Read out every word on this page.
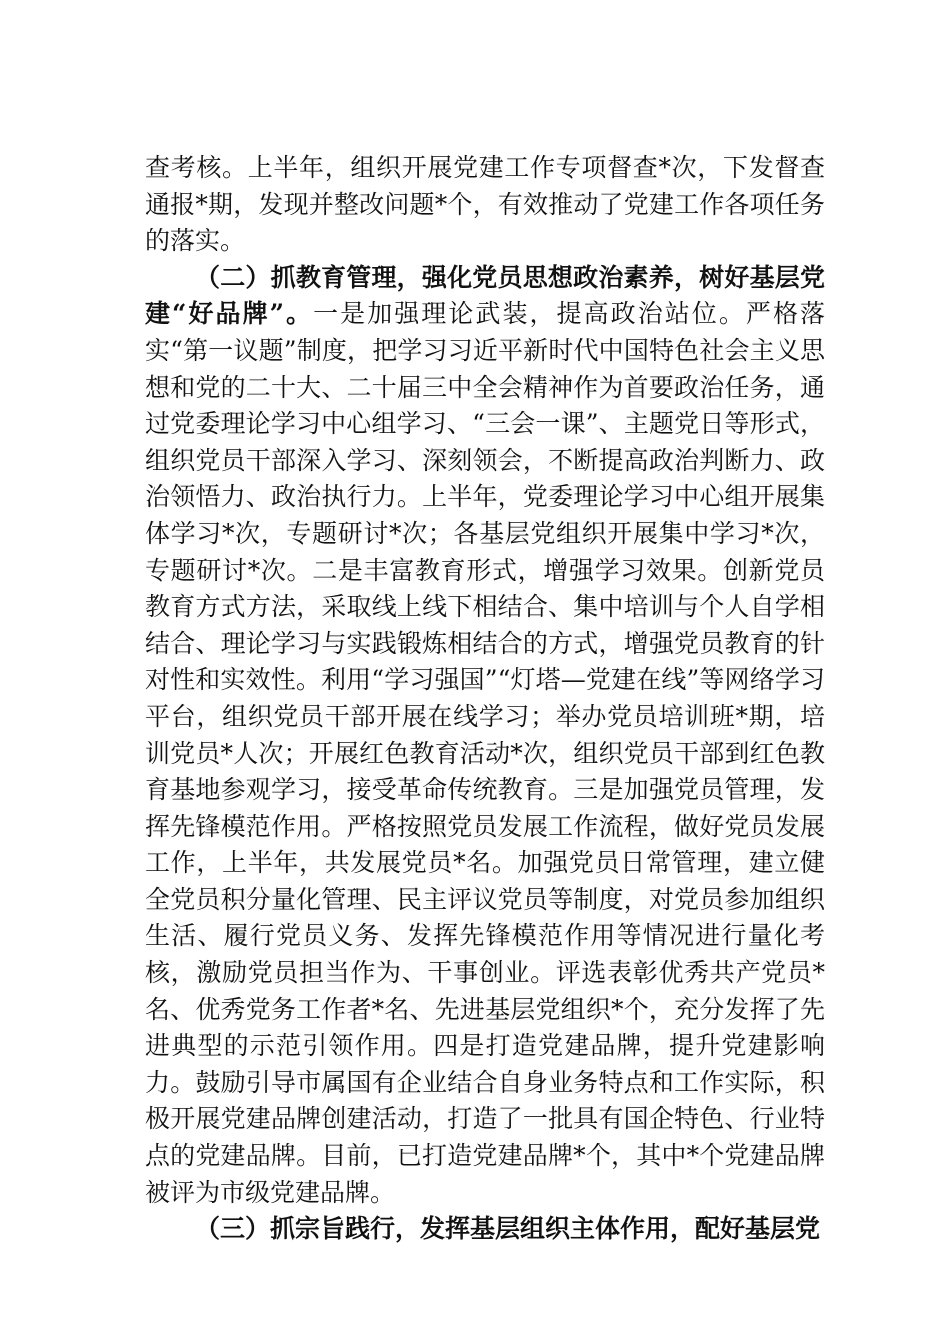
查考核。上半年，组织开展党建工作专项督查*次，下发督查通报*期，发现并整改问题*个，有效推动了党建工作各项任务的落实。

（二）抓教育管理，强化党员思想政治素养，树好基层党建“好品牌”。一是加强理论武装，提高政治站位。严格落实“第一议题”制度，把学习习近平新时代中国特色社会主义思想和党的二十大、二十届三中全会精神作为首要政治任务，通过党委理论学习中心组学习、“三会一课”、主题党日等形式，组织党员干部深入学习、深刻领会，不断提高政治判断力、政治领悟力、政治执行力。上半年，党委理论学习中心组开展集体学习*次，专题研讨*次；各基层党组织开展集中学习*次，专题研讨*次。二是丰富教育形式，增强学习效果。创新党员教育方式方法，采取线上线下相结合、集中培训与个人自学相结合、理论学习与实践锻炼相结合的方式，增强党员教育的针对性和实效性。利用“学习强国”“灯塔—党建在线”等网络学习平台，组织党员干部开展在线学习；举办党员培训班*期，培训党员*人次；开展红色教育活动*次，组织党员干部到红色教育基地参观学习，接受革命传统教育。三是加强党员管理，发挥先锋模范作用。严格按照党员发展工作流程，做好党员发展工作，上半年，共发展党员*名。加强党员日常管理，建立健全党员积分量化管理、民主评议党员等制度，对党员参加组织生活、履行党员义务、发挥先锋模范作用等情况进行量化考核，激励党员担当作为、干事创业。评选表彰优秀共产党员*名、优秀党务工作者*名、先进基层党组织*个，充分发挥了先进典型的示范引领作用。四是打造党建品牌，提升党建影响力。鼓励引导市属国有企业结合自身业务特点和工作实际，积极开展党建品牌创建活动，打造了一批具有国企特色、行业特点的党建品牌。目前，已打造党建品牌*个，其中*个党建品牌被评为市级党建品牌。

（三）抓宗旨践行，发挥基层组织主体作用，配好基层党
